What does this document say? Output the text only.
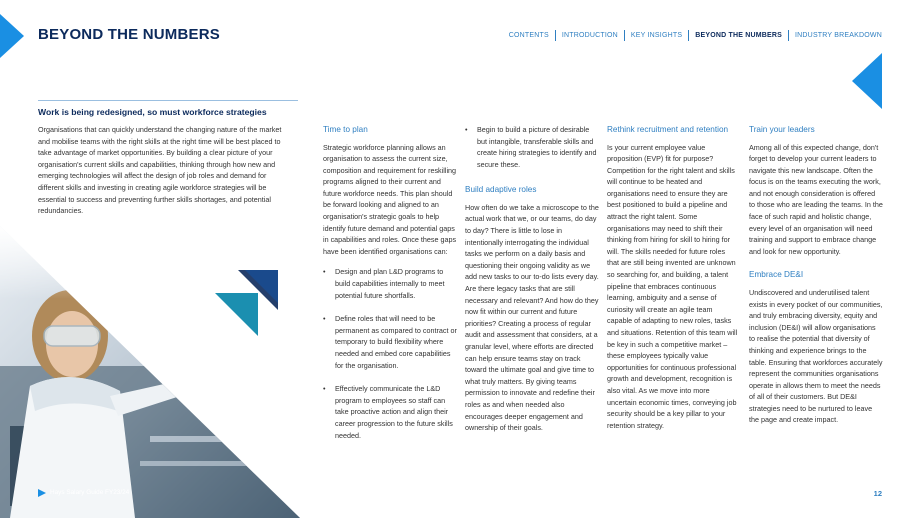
BEYOND THE NUMBERS	CONTENTS INTRODUCTION KEY INSIGHTS BEYOND THE NUMBERS INDUSTRY BREAKDOWN
Work is being redesigned, so must workforce strategies
Organisations that can quickly understand the changing nature of the market and mobilise teams with the right skills at the right time will be best placed to take advantage of market opportunities. By building a clear picture of your organisation's current skills and capabilities, thinking through how new and emerging technologies will affect the design of job roles and demand for different skills and investing in creating agile workforce strategies will be essential to success and preventing further skills shortages, and potential redundancies.
Hays Salary Guide FY23/24
Time to plan

Strategic workforce planning allows an organisation to assess the current size, composition and requirement for reskilling programs aligned to their current and future workforce needs. This plan should be forward looking and aligned to an organisation's strategic goals to help identify future demand and potential gaps in capabilities and roles. Once these gaps have been identified organisations can:

• Design and plan L&D programs to build capabilities internally to meet potential future shortfalls.
• Define roles that will need to be permanent as compared to contract or temporary to build flexibility where needed and embed core capabilities for the organisation.
• Effectively communicate the L&D program to employees so staff can take proactive action and align their career progression to the future skills needed.
• Begin to build a picture of desirable but intangible, transferable skills and create hiring strategies to identify and secure these.
Build adaptive roles

How often do we take a microscope to the actual work that we, or our teams, do day to day? There is little to lose in intentionally interrogating the individual tasks we perform on a daily basis and questioning their ongoing validity as we add new tasks to our to-do lists every day. Are there legacy tasks that are still necessary and relevant? And how do they now fit within our current and future priorities? Creating a process of regular audit and assessment that considers, at a granular level, where efforts are directed can help ensure teams stay on track toward the ultimate goal and give time to what truly matters. By giving teams permission to innovate and redefine their roles as and when needed also encourages deeper engagement and ownership of their goals.

Rethink recruitment and retention

Is your current employee value proposition (EVP) fit for purpose? Competition for the right talent and skills will continue to be heated and organisations need to ensure they are best positioned to build a pipeline and attract the right talent. Some organisations may need to shift their thinking from hiring for skill to hiring for will. The skills needed for future roles that are still being invented are unknown so searching for, and building, a talent pipeline that embraces continuous learning, ambiguity and a sense of curiosity will create an agile team capable of adapting to new roles, tasks and situations. Retention of this team will be key in such a competitive market – these employees typically value opportunities for continuous professional growth and development, recognition is also vital. As we move into more uncertain economic times, conveying job security should be a key pillar to your retention strategy.

Train your leaders

Among all of this expected change, don't forget to develop your current leaders to navigate this new landscape. Often the focus is on the teams executing the work, and not enough consideration is offered to those who are leading the teams. In the face of such rapid and holistic change, every level of an organisation will need training and support to embrace change and look for new opportunity.

Embrace DE&I

Undiscovered and underutilised talent exists in every pocket of our communities, and truly embracing diversity, equity and inclusion (DE&I) will allow organisations to realise the potential that diversity of thinking and experience brings to the table. Ensuring that workforces accurately represent the communities organisations operate in allows them to meet the needs of all of their customers. But DE&I strategies need to be nurtured to leave the page and create impact.

12
